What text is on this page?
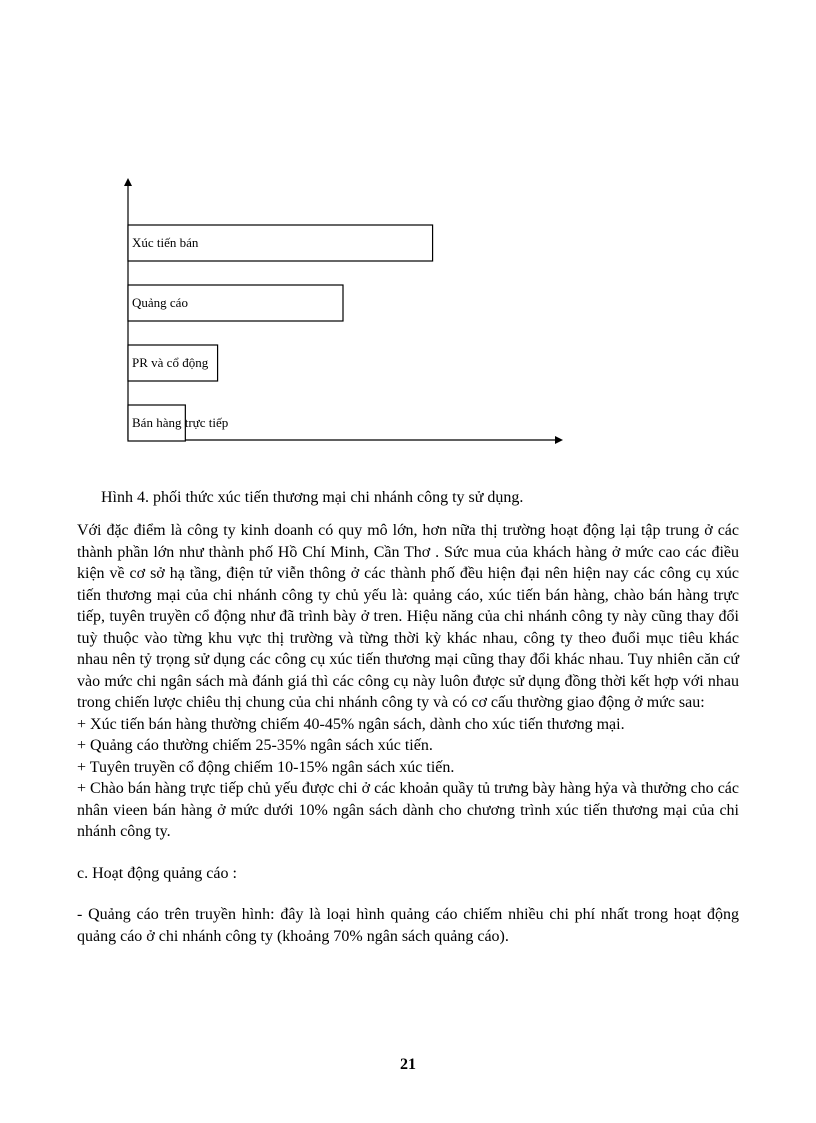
Xúc tiến bán
Quảng cáo
PR và cổ động
Bán hàng trực tiếp
Hình 4. phối thức xúc tiến thương mại chi nhánh công ty sử dụng.

Với đặc điểm là công ty kinh doanh có quy mô lớn, hơn nữa thị trường hoạt động lại tập trung ở các thành phần lớn như thành phố Hồ Chí Minh, Cần Thơ . Sức mua của khách hàng ở mức cao các điều kiện về cơ sở hạ tầng, điện tử viễn thông ở các thành phố đều hiện đại nên hiện nay các công cụ xúc tiến thương mại của chi nhánh công ty chủ yếu là: quảng cáo, xúc tiến bán hàng, chào bán hàng trực tiếp, tuyên truyền cổ động như đã trình bày ở tren. Hiệu năng của chi nhánh công ty này cũng thay đổi tuỳ thuộc vào từng khu vực thị trường và từng thời kỳ khác nhau, công ty theo đuổi mục tiêu khác nhau nên tỷ trọng sử dụng các công cụ xúc tiến thương mại cũng thay đổi khác nhau. Tuy nhiên căn cứ vào mức chi ngân sách mà đánh giá thì các công cụ này luôn được sử dụng đồng thời kết hợp với nhau trong chiến lược chiêu thị chung của chi nhánh công ty và có cơ cấu thường giao động ở mức sau:

+ Xúc tiến bán hàng thường chiếm 40-45% ngân sách, dành cho xúc tiến thương mại.

+ Quảng cáo thường chiếm 25-35% ngân sách xúc tiến.

+ Tuyên truyền cổ động chiếm 10-15% ngân sách xúc tiến.

+ Chào bán hàng trực tiếp chủ yếu được chi ở các khoản quầy tủ trưng bày hàng hỷa và thưởng cho các nhân vieen bán hàng ở mức dưới 10% ngân sách dành cho chương trình xúc tiến thương mại của chi nhánh công ty.

c. Hoạt động quảng cáo :

- Quảng cáo trên truyền hình: đây là loại hình quảng cáo chiếm nhiều chi phí nhất trong hoạt động quảng cáo ở chi nhánh công ty (khoảng 70% ngân sách quảng cáo).

21
